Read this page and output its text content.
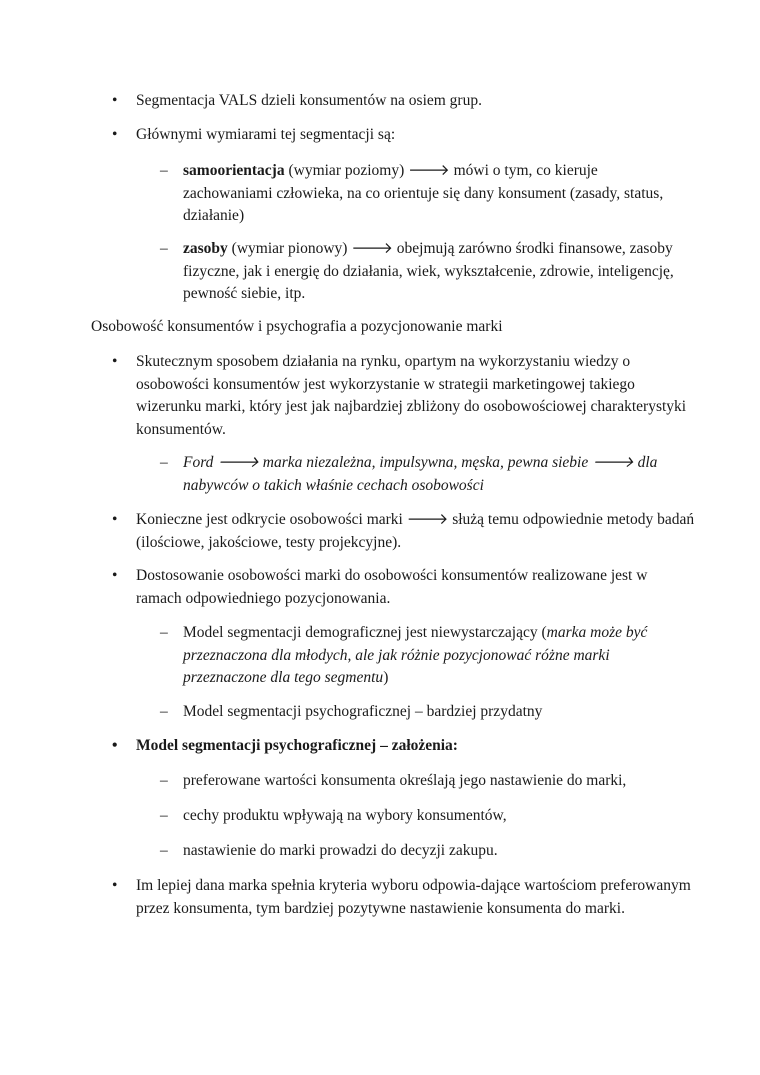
•	Segmentacja VALS dzieli konsumentów na osiem grup.

•	Głównymi wymiarami tej segmentacji są:

– samoorientacja (wymiar poziomy) 🡒 mówi o tym, co kieruje zachowaniami człowieka, na co orientuje się dany konsument (zasady, status, działanie)

– zasoby (wymiar pionowy) 🡒 obejmują zarówno środki finansowe, zasoby fizyczne, jak i energię do działania, wiek, wykształcenie, zdrowie, inteligencję, pewność siebie, itp.

Osobowość konsumentów i psychografia a pozycjonowanie marki

•	Skutecznym sposobem działania na rynku, opartym na wykorzystaniu wiedzy o osobowości konsumentów jest wykorzystanie w strategii marketingowej takiego wizerunku marki, który jest jak najbardziej zbliżony do osobowościowej charakterystyki konsumentów.

– Ford 🡒 marka niezależna, impulsywna, męska, pewna siebie 🡒 dla nabywców o takich właśnie cechach osobowości

•	Konieczne jest odkrycie osobowości marki 🡒 służą temu odpowiednie metody badań (ilościowe, jakościowe, testy projekcyjne).

•	Dostosowanie osobowości marki do osobowości konsumentów realizowane jest w ramach odpowiedniego pozycjonowania.

– Model segmentacji demograficznej jest niewystarczający (marka może być przeznaczona dla młodych, ale jak różnie pozycjonować różne marki przeznaczone dla tego segmentu)

– Model segmentacji psychograficznej – bardziej przydatny

•	Model segmentacji psychograficznej – założenia:

– preferowane wartości konsumenta określają jego nastawienie do marki,

– cechy produktu wpływają na wybory konsumentów,

– nastawienie do marki prowadzi do decyzji zakupu.

•	Im lepiej dana marka spełnia kryteria wyboru odpowia-dające wartościom preferowanym przez konsumenta, tym bardziej pozytywne nastawienie konsumenta do marki.
